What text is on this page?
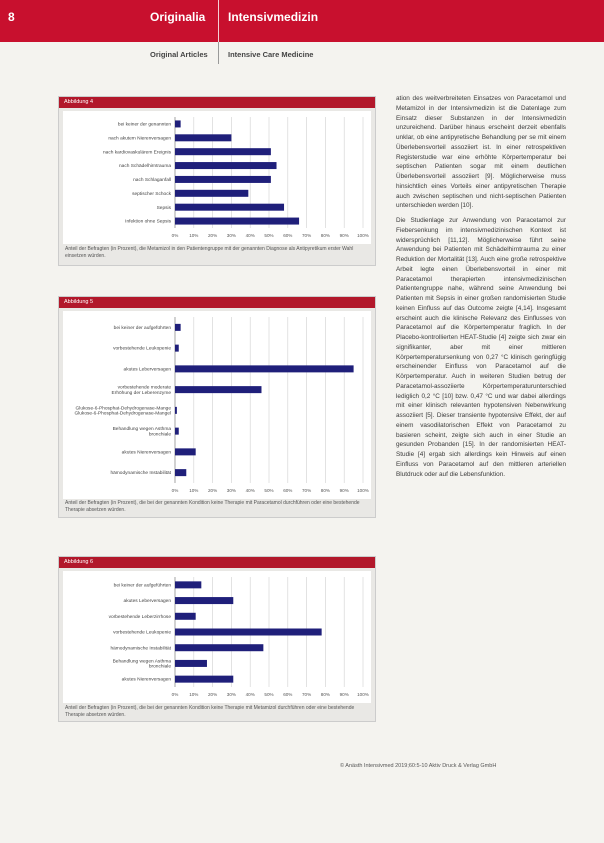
8	Originalia Intensivmedizin
Original Articles	Intensive Care Medicine
Abbildung 4
0% 10% 20% 30% 40% 50% 60% 70% 80% 90% 100%
bei keiner der genannten
nach akutem Nierenversagen
nach kardiovaskulärem Ereignis
nach Schädelhirntrauma
nach Schlaganfall
septischer Schock
Sepsis
Infektion ohne Sepsis
Anteil der Befragten (in Prozent), die Metamizol in den Patientengruppe mit der genannten Diagnose als Antipyretikum erster Wahl einsetzen würden.
Abbildung 5
0% 10% 20% 30% 40% 50% 60% 70% 80% 90% 100%
bei keiner der aufgeführten
vorbestehende Leukopenie
akutes Leberversagen
vorbestehende moderate
Erhöhung der Leberenzyme
Glukose-6-Phosphat-Dehydrogenase-Mange
Glukose-6-Phosphat-Dehydrogenase-Mangel
Behandlung wegen Asthma
bronchiale
akutes Nierenversagen
hämodynamische Instabilität
Anteil der Befragten (in Prozent), die bei der genannten Kondition keine Therapie mit Paracetamol durchführen oder eine bestehende Therapie absetzen würden.
Abbildung 6
0% 10% 20% 30% 40% 50% 60% 70% 80% 90% 100%
bei keiner der aufgeführten
akutes Leberversagen
vorbestehende Leberzirrhose
vorbestehende Leukopenie
hämodynamische Instabilität
Behandlung wegen Asthma
bronchiale
akutes Nierenversagen
Anteil der Befragten (in Prozent), die bei der genannten Kondition keine Therapie mit Metamizol durchführen oder eine bestehende Therapie absetzen würden.

ation des weitverbreiteten Einsatzes von Paracetamol und Metamizol in der Intensivmedizin ist die Datenlage zum Einsatz dieser Substanzen in der Intensivmedizin unzureichend. Darüber hinaus erscheint derzeit ebenfalls unklar, ob eine antipyretische Behandlung per se mit einem Überlebensvorteil assoziiert ist. In einer retrospektiven Registerstudie war eine erhöhte Körpertemperatur bei septischen Patienten sogar mit einem deutlichen Überlebensvorteil assoziiert [9]. Möglicherweise muss hinsichtlich eines Vorteils einer antipyretischen Therapie auch zwischen septischen und nicht-septischen Patienten unterschieden werden [10].

Die Studienlage zur Anwendung von Paracetamol zur Fiebersenkung im intensivmedizinischen Kontext ist widersprüchlich [11,12]. Möglicherweise führt seine Anwendung bei Patienten mit Schädelhirntrauma zu einer Reduktion der Mortalität [13]. Auch eine große retrospektive Arbeit legte einen Überlebensvorteil in einer mit Paracetamol therapierten intensivmedizinischen Patientengruppe nahe, während seine Anwendung bei Patienten mit Sepsis in einer großen randomisierten Studie keinen Einfluss auf das Outcome zeigte [4,14]. Insgesamt erscheint auch die klinische Relevanz des Einflusses von Paracetamol auf die Körpertemperatur fraglich. In der Placebo-kontrollierten HEAT-Studie [4] zeigte sich zwar ein signifikanter, aber mit einer mittleren Körpertemperatursenkung von 0,27 °C klinisch geringfügig erscheinender Einfluss von Paracetamol auf die Körpertemperatur. Auch in weiteren Studien betrug der Paracetamol-assoziierte Körpertemperaturunterschied lediglich 0,2 °C [10] bzw. 0,47 °C und war dabei allerdings mit einer klinisch relevanten hypotensiven Nebenwirkung assoziiert [5]. Dieser transiente hypotensive Effekt, der auf einem vasodilatorischen Effekt von Paracetamol zu basieren scheint, zeigte sich auch in einer Studie an gesunden Probanden [15]. In der randomisierten HEAT-Studie [4] ergab sich allerdings kein Hinweis auf einen Einfluss von Paracetamol auf den mittleren arteriellen Blutdruck oder auf die Lebensfunktion.

© Anästh Intensivmed 2019;60:5-10 Aktiv Druck & Verlag GmbH
